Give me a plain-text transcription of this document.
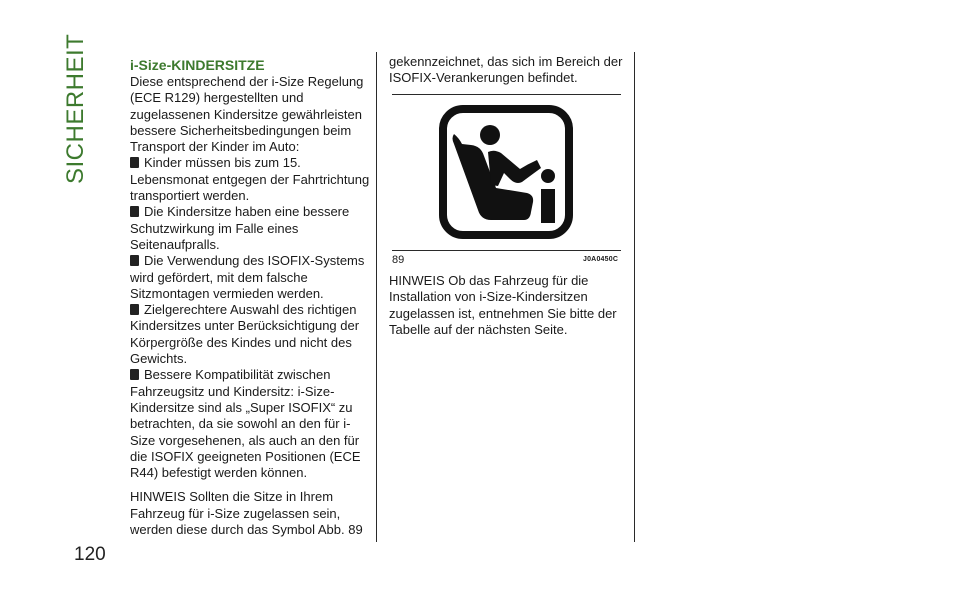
SICHERHEIT
120
i-Size-KINDERSITZE

Diese entsprechend der i-Size Regelung (ECE R129) hergestellten und zugelassenen Kindersitze gewährleisten bessere Sicherheitsbedingungen beim Transport der Kinder im Auto:

Kinder müssen bis zum 15. Lebensmonat entgegen der Fahrtrichtung transportiert werden.
Die Kindersitze haben eine bessere Schutzwirkung im Falle eines Seitenaufpralls.
Die Verwendung des ISOFIX-Systems wird gefördert, mit dem falsche Sitzmontagen vermieden werden.
Zielgerechtere Auswahl des richtigen Kindersitzes unter Berücksichtigung der Körpergröße des Kindes und nicht des Gewichts.
Bessere Kompatibilität zwischen Fahrzeugsitz und Kindersitz: i-Size-Kindersitze sind als „Super ISOFIX“ zu betrachten, da sie sowohl an den für i-Size vorgesehenen, als auch an den für die ISOFIX geeigneten Positionen (ECE R44) befestigt werden können.

HINWEIS Sollten die Sitze in Ihrem Fahrzeug für i-Size zugelassen sein, werden diese durch das Symbol Abb. 89

gekennzeichnet, das sich im Bereich der ISOFIX-Verankerungen befindet.
89	J0A0450C
HINWEIS Ob das Fahrzeug für die Installation von i-Size-Kindersitzen zugelassen ist, entnehmen Sie bitte der Tabelle auf der nächsten Seite.
